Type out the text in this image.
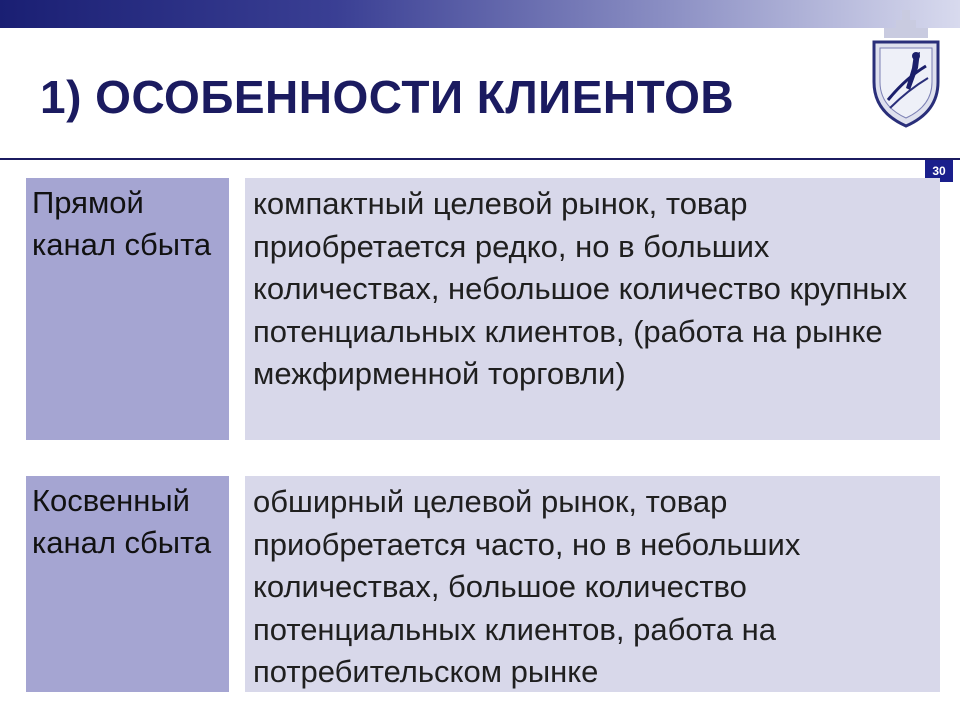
1) ОСОБЕННОСТИ КЛИЕНТОВ
30
Прямой канал сбыта
компактный целевой рынок, товар приобретается редко, но в больших количествах, небольшое количество крупных потенциальных клиентов, (работа на рынке межфирменной торговли)
Косвенный канал сбыта
обширный целевой рынок, товар приобретается часто, но в небольших количествах, большое количество потенциальных клиентов, работа на потребительском рынке
